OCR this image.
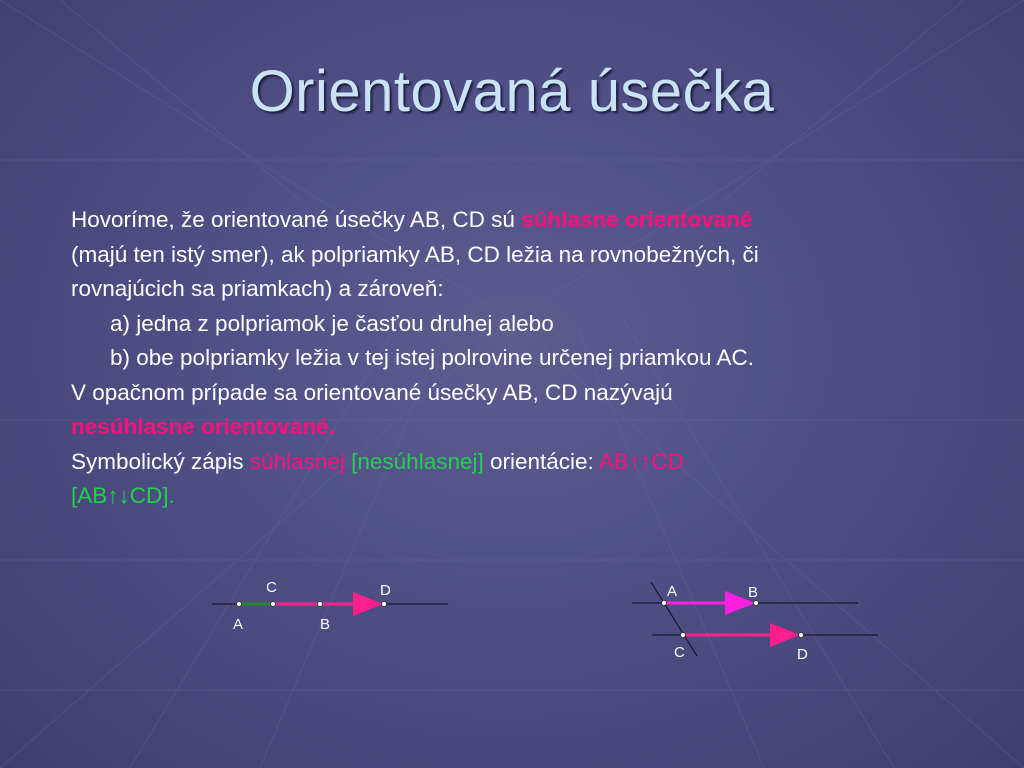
Orientovaná úsečka
Hovoríme, že orientované úsečky AB, CD sú súhlasne orientované
(majú ten istý smer), ak polpriamky AB, CD ležia na rovnobežných, či
rovnajúcich sa priamkach) a zároveň:
a) jedna z polpriamok je časťou druhej alebo
b) obe polpriamky ležia v tej istej polrovine určenej priamkou AC.
V opačnom prípade sa orientované úsečky AB, CD nazývajú
nesúhlasne orientované.
Symbolický zápis súhlasnej [nesúhlasnej] orientácie: AB↑↑CD
[AB↑↓CD].
C	D
A	B
A	B
C	D
